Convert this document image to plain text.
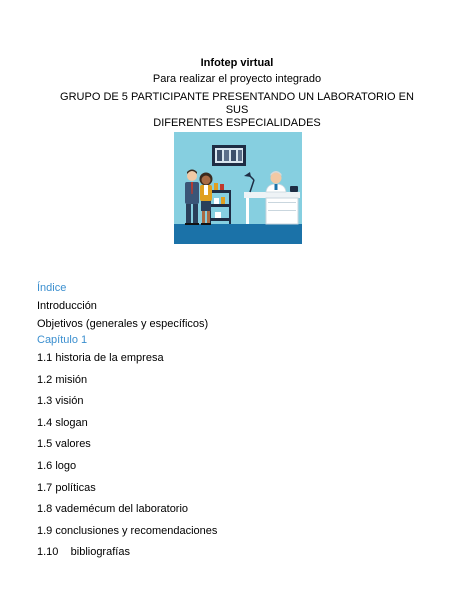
Infotep virtual
Para realizar el proyecto integrado
GRUPO DE 5 PARTICIPANTE PRESENTANDO UN LABORATORIO EN SUS
DIFERENTES ESPECIALIDADES
Índice
Introducción
Objetivos (generales y específicos)
Capítulo 1
1.1 historia de la empresa
1.2 misión
1.3 visión
1.4 slogan
1.5 valores
1.6 logo
1.7 políticas
1.8 vademécum del laboratorio
1.9 conclusiones y recomendaciones
1.10    bibliografías
